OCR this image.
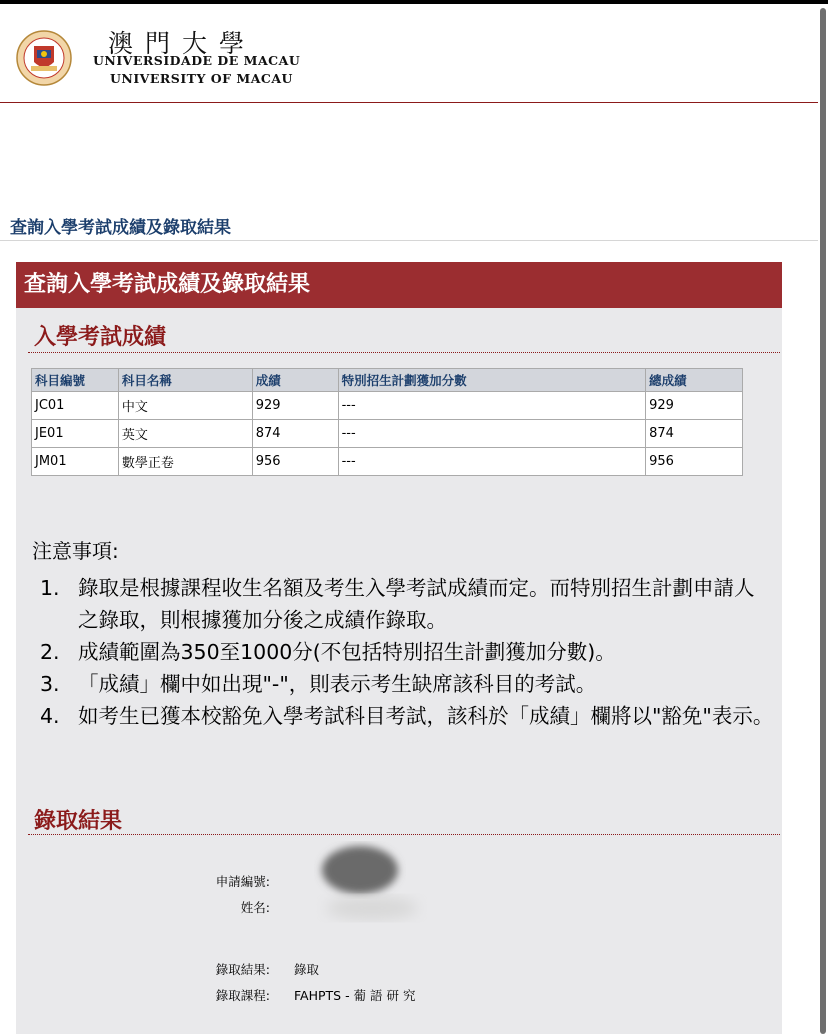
澳門大學
UNIVERSIDADE DE MACAU
UNIVERSITY OF MACAU
查詢入學考試成績及錄取結果
查詢入學考試成績及錄取結果
入學考試成績
科目編號	科目名稱	成績	特別招生計劃獲加分數	總成績
JC01	中文	929	---	929
JE01	英文	874	---	874
JM01	數學正卷	956	---	956
注意事項:
1. 錄取是根據課程收生名額及考生入學考試成績而定。而特別招生計劃申請人之錄取，則根據獲加分後之成績作錄取。
2. 成績範圍為350至1000分(不包括特別招生計劃獲加分數)。
3. 「成績」欄中如出現"-"，則表示考生缺席該科目的考試。
4. 如考生已獲本校豁免入學考試科目考試，該科於「成績」欄將以"豁免"表示。
錄取結果
申請編號:
姓名:
錄取結果: 錄取
錄取課程: FAHPTS - 葡 語 研 究
